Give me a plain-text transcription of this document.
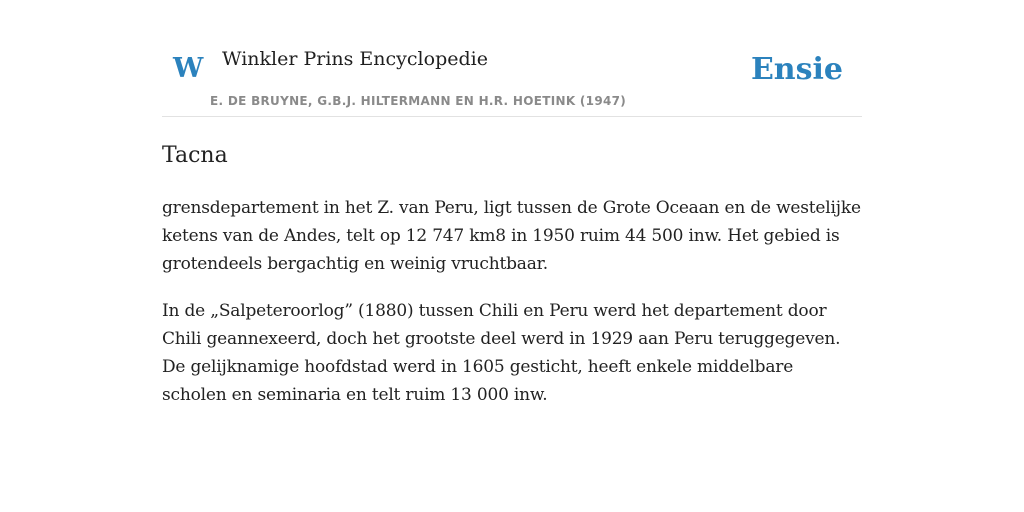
W Winkler Prins Encyclopedie
E. DE BRUYNE, G.B.J. HILTERMANN EN H.R. HOETINK (1947)
Ensie
Tacna

grensdepartement in het Z. van Peru, ligt tussen de Grote Oceaan en de westelijke ketens van de Andes, telt op 12 747 km8 in 1950 ruim 44 500 inw. Het gebied is grotendeels bergachtig en weinig vruchtbaar.

In de „Salpeteroorlog” (1880) tussen Chili en Peru werd het departement door Chili geannexeerd, doch het grootste deel werd in 1929 aan Peru teruggegeven. De gelijknamige hoofdstad werd in 1605 gesticht, heeft enkele middelbare scholen en seminaria en telt ruim 13 000 inw.
